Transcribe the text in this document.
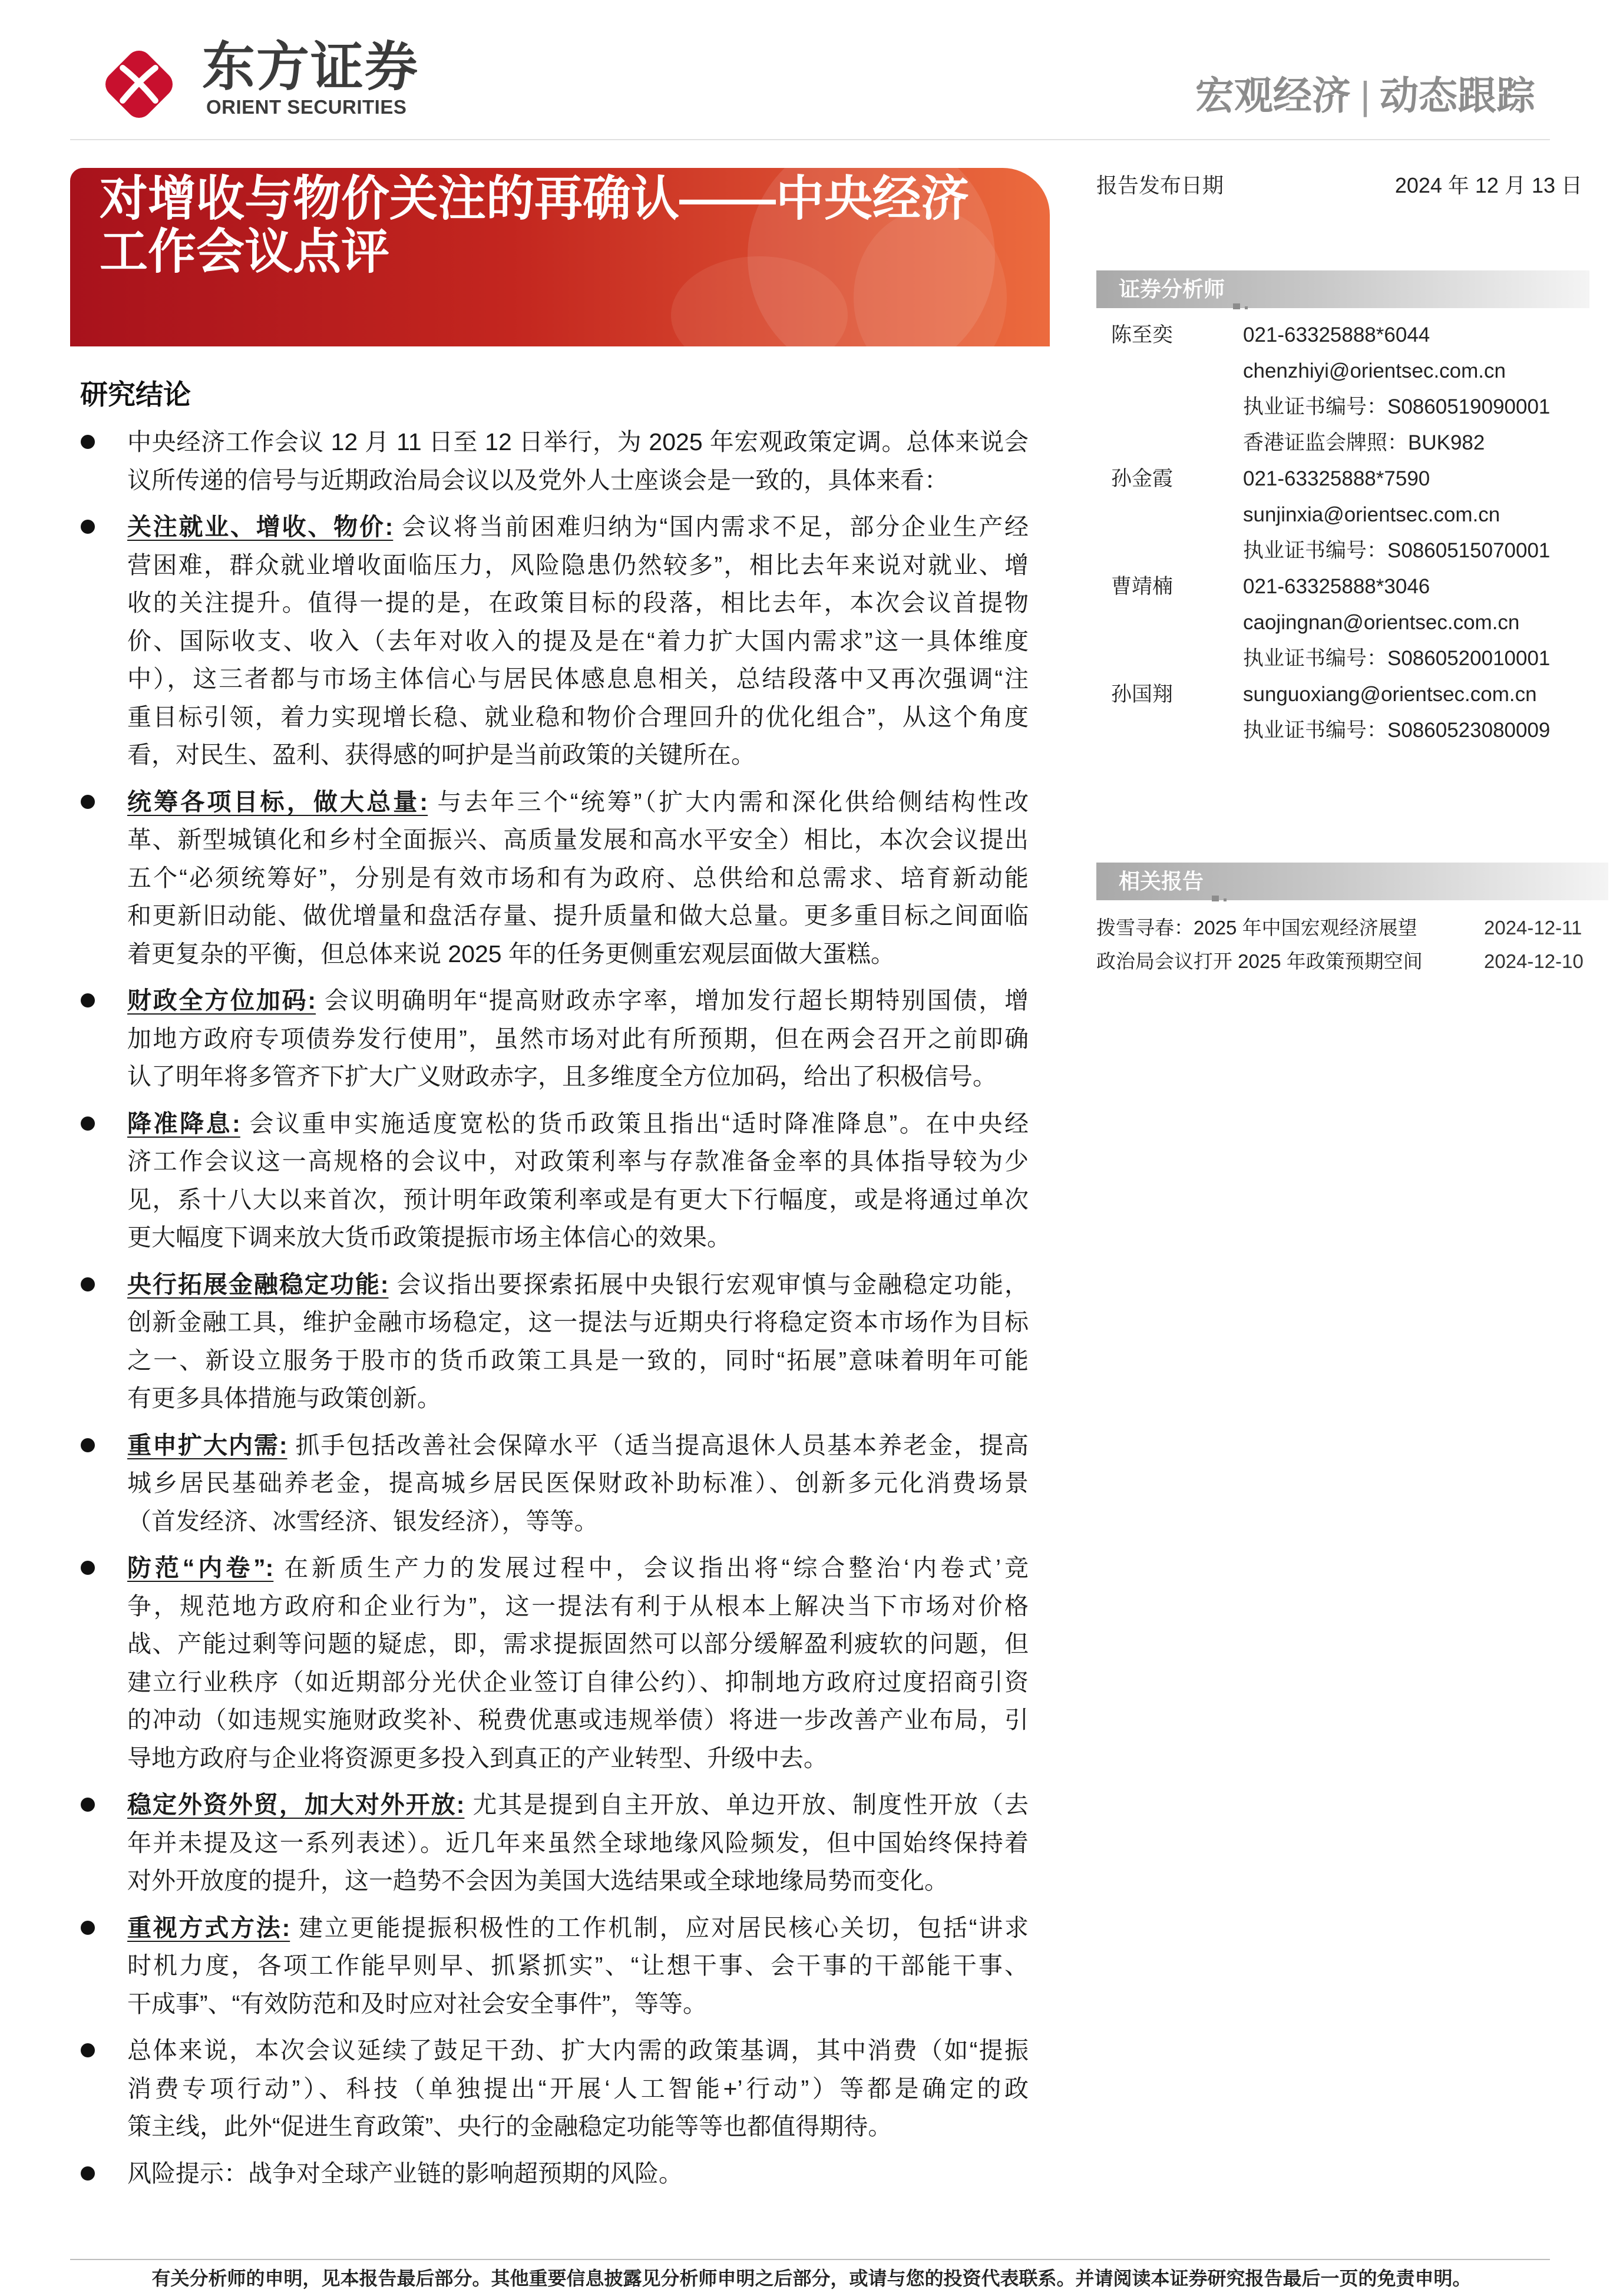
东方证券
ORIENT SECURITIES	宏观经济 | 动态跟踪
对增收与物价关注的再确认——中央经济
工作会议点评
报告发布日期	2024 年 12 月 13 日
证券分析师
陈至奕	021-63325888*6044
chenzhiyi@orientsec.com.cn
执业证书编号：S0860519090001
香港证监会牌照：BUK982
孙金霞	021-63325888*7590
sunjinxia@orientsec.com.cn
执业证书编号：S0860515070001
曹靖楠	021-63325888*3046
caojingnan@orientsec.com.cn
执业证书编号：S0860520010001
孙国翔	sunguoxiang@orientsec.com.cn
执业证书编号：S0860523080009
相关报告
拨雪寻春：2025 年中国宏观经济展望	2024-12-11
政治局会议打开 2025 年政策预期空间	2024-12-10
研究结论
中央经济工作会议 12 月 11 日至 12 日举行，为 2025 年宏观政策定调。总体来说会
议所传递的信号与近期政治局会议以及党外人士座谈会是一致的，具体来看：
关注就业、增收、物价: 会议将当前困难归纳为“国内需求不足，部分企业生产经
营困难，群众就业增收面临压力，风险隐患仍然较多”，相比去年来说对就业、增
收的关注提升。值得一提的是，在政策目标的段落，相比去年，本次会议首提物
价、国际收支、收入（去年对收入的提及是在“着力扩大国内需求”这一具体维度
中），这三者都与市场主体信心与居民体感息息相关，总结段落中又再次强调“注
重目标引领，着力实现增长稳、就业稳和物价合理回升的优化组合”，从这个角度
看，对民生、盈利、获得感的呵护是当前政策的关键所在。
统筹各项目标，做大总量: 与去年三个“统筹”（扩大内需和深化供给侧结构性改
革、新型城镇化和乡村全面振兴、高质量发展和高水平安全）相比，本次会议提出
五个“必须统筹好”，分别是有效市场和有为政府、总供给和总需求、培育新动能
和更新旧动能、做优增量和盘活存量、提升质量和做大总量。更多重目标之间面临
着更复杂的平衡，但总体来说 2025 年的任务更侧重宏观层面做大蛋糕。
财政全方位加码: 会议明确明年“提高财政赤字率，增加发行超长期特别国债，增
加地方政府专项债券发行使用”，虽然市场对此有所预期，但在两会召开之前即确
认了明年将多管齐下扩大广义财政赤字，且多维度全方位加码，给出了积极信号。
降准降息: 会议重申实施适度宽松的货币政策且指出“适时降准降息”。在中央经
济工作会议这一高规格的会议中，对政策利率与存款准备金率的具体指导较为少
见，系十八大以来首次，预计明年政策利率或是有更大下行幅度，或是将通过单次
更大幅度下调来放大货币政策提振市场主体信心的效果。
央行拓展金融稳定功能: 会议指出要探索拓展中央银行宏观审慎与金融稳定功能，
创新金融工具，维护金融市场稳定，这一提法与近期央行将稳定资本市场作为目标
之一、新设立服务于股市的货币政策工具是一致的，同时“拓展”意味着明年可能
有更多具体措施与政策创新。
重申扩大内需: 抓手包括改善社会保障水平（适当提高退休人员基本养老金，提高
城乡居民基础养老金，提高城乡居民医保财政补助标准）、创新多元化消费场景
（首发经济、冰雪经济、银发经济），等等。
防范“内卷”: 在新质生产力的发展过程中，会议指出将“综合整治‘内卷式’竞
争，规范地方政府和企业行为”，这一提法有利于从根本上解决当下市场对价格
战、产能过剩等问题的疑虑，即，需求提振固然可以部分缓解盈利疲软的问题，但
建立行业秩序（如近期部分光伏企业签订自律公约）、抑制地方政府过度招商引资
的冲动（如违规实施财政奖补、税费优惠或违规举债）将进一步改善产业布局，引
导地方政府与企业将资源更多投入到真正的产业转型、升级中去。
稳定外资外贸，加大对外开放: 尤其是提到自主开放、单边开放、制度性开放（去
年并未提及这一系列表述）。近几年来虽然全球地缘风险频发，但中国始终保持着
对外开放度的提升，这一趋势不会因为美国大选结果或全球地缘局势而变化。
重视方式方法: 建立更能提振积极性的工作机制，应对居民核心关切，包括“讲求
时机力度，各项工作能早则早、抓紧抓实”、“让想干事、会干事的干部能干事、
干成事”、“有效防范和及时应对社会安全事件”，等等。
总体来说，本次会议延续了鼓足干劲、扩大内需的政策基调，其中消费（如“提振
消费专项行动”）、科技（单独提出“开展‘人工智能+’行动”）等都是确定的政
策主线，此外“促进生育政策”、央行的金融稳定功能等等也都值得期待。
风险提示：战争对全球产业链的影响超预期的风险。
有关分析师的申明，见本报告最后部分。其他重要信息披露见分析师申明之后部分，或请与您的投资代表联系。并请阅读本证券研究报告最后一页的免责申明。
